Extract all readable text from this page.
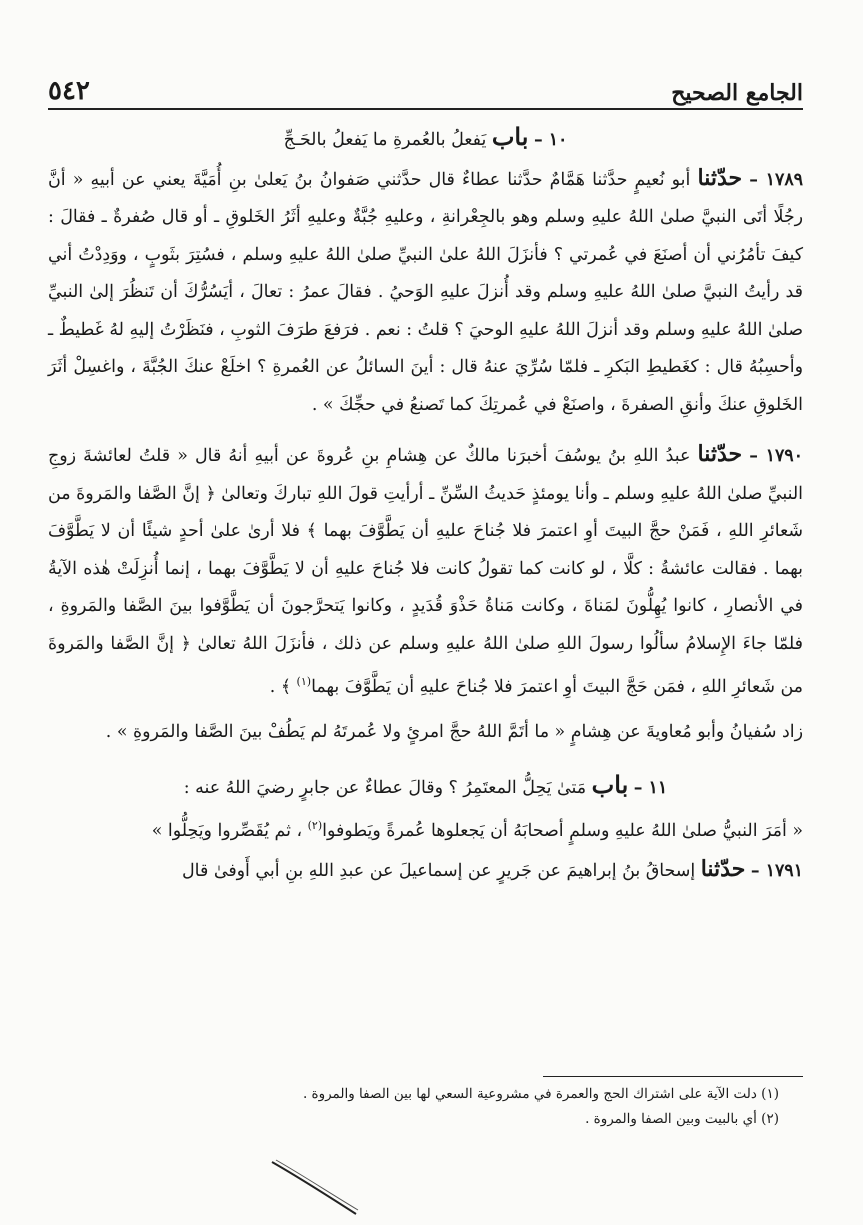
الجامع الصحيح
٥٤٢

١٠ – باب يَفعلُ بالعُمرةِ ما يَفعلُ بالحَـجِّ

١٧٨٩ – حدّثنا أبو نُعيمٍ حدَّثنا هَمَّامٌ حدَّثنا عطاءٌ قال حدَّثني صَفوانُ بنُ يَعلىٰ بنِ أُمَيَّةَ يعني عن أبيهِ « أنَّ رجُلًا أتَى النبيَّ صلىٰ اللهُ عليهِ وسلم وهو بالجِعْرانةِ ، وعليهِ جُبَّةٌ وعليهِ أثَرُ الخَلوقِ ـ أو قال صُفرةٌ ـ فقالَ : كيفَ تأمُرُني أن أصنَعَ في عُمرتي ؟ فأنزَلَ اللهُ علىٰ النبيِّ صلىٰ اللهُ عليهِ وسلم ، فسُتِرَ بثَوبٍ ، ووَدِدْتُ أني قد رأيتُ النبيَّ صلىٰ اللهُ عليهِ وسلم وقد أُنزلَ عليهِ الوَحيُ . فقالَ عمرُ : تعالَ ، أيَسُرُّكَ أن تَنظُرَ إلىٰ النبيِّ صلىٰ اللهُ عليهِ وسلم وقد أنزلَ اللهُ عليهِ الوحيَ ؟ قلتُ : نعم . فرَفعَ طرَفَ الثوبِ ، فنَظَرْتُ إليهِ لهُ غَطيطٌ ـ وأحسِبُهُ قال : كغَطيطِ البَكرِ ـ فلمّا سُرِّيَ عنهُ قال : أينَ السائلُ عن العُمرةِ ؟ اخلَعْ عنكَ الجُبَّةَ ، واغسِلْ أثَرَ الخَلوقِ عنكَ وأنقِ الصفرةَ ، واصنَعْ في عُمرتِكَ كما تَصنعُ في حجِّكَ » .

١٧٩٠ – حدّثنا عبدُ اللهِ بنُ يوسُفَ أخبرَنا مالكٌ عن هِشامِ بنِ عُروةَ عن أبيهِ أنهُ قال « قلتُ لعائشةَ زوجِ النبيِّ صلىٰ اللهُ عليهِ وسلم ـ وأنا يومئذٍ حَديثُ السِّنِّ ـ أرأيتِ قولَ اللهِ تباركَ وتعالىٰ ﴿ إنَّ الصَّفا والمَروةَ من شَعائرِ اللهِ ، فَمَنْ حجَّ البيتَ أوِ اعتمرَ فلا جُناحَ عليهِ أن يَطَّوَّفَ بهما ﴾ فلا أرىٰ علىٰ أحدٍ شيئًا أن لا يَطَّوَّفَ بهما . فقالت عائشةُ : كلَّا ، لو كانت كما تقولُ كانت فلا جُناحَ عليهِ أن لا يَطَّوَّفَ بهما ، إنما أُنزِلَتْ هٰذه الآيةُ في الأنصارِ ، كانوا يُهِلُّونَ لمَناةَ ، وكانت مَناةُ حَذْوَ قُدَيدٍ ، وكانوا يَتحرَّجونَ أن يَطَّوَّفوا بينَ الصَّفا والمَروةِ ، فلمّا جاءَ الإِسلامُ سألُوا رسولَ اللهِ صلىٰ اللهُ عليهِ وسلم عن ذلك ، فأنزَلَ اللهُ تعالىٰ ﴿ إنَّ الصَّفا والمَروةَ من شَعائرِ اللهِ ، فمَن حَجَّ البيتَ أوِ اعتمرَ فلا جُناحَ عليهِ أن يَطَّوَّفَ بهما$^{(١)}$ ﴾ .

زاد سُفيانُ وأبو مُعاويةَ عن هِشامٍ « ما أتَمَّ اللهُ حجَّ امرئٍ ولا عُمرتَهُ لم يَطُفْ بينَ الصَّفا والمَروةِ » .

١١ – باب مَتىٰ يَحِلُّ المعتَمِرُ ؟ وقالَ عطاءٌ عن جابرٍ رضيَ اللهُ عنه :

« أمَرَ النبيُّ صلىٰ اللهُ عليهِ وسلمٍ أصحابَهُ أن يَجعلوها عُمرةً ويَطوفوا$^{(٢)}$ ، ثم يُقَصِّروا ويَحِلُّوا »

١٧٩١ – حدّثنا إسحاقُ بنُ إبراهيمَ عن جَريرٍ عن إسماعيلَ عن عبدِ اللهِ بنِ أبي أَوفىٰ قال

(١) دلت الآية على اشتراك الحج والعمرة في مشروعية السعي لها بين الصفا والمروة .

(٢) أي بالبيت وبين الصفا والمروة .
